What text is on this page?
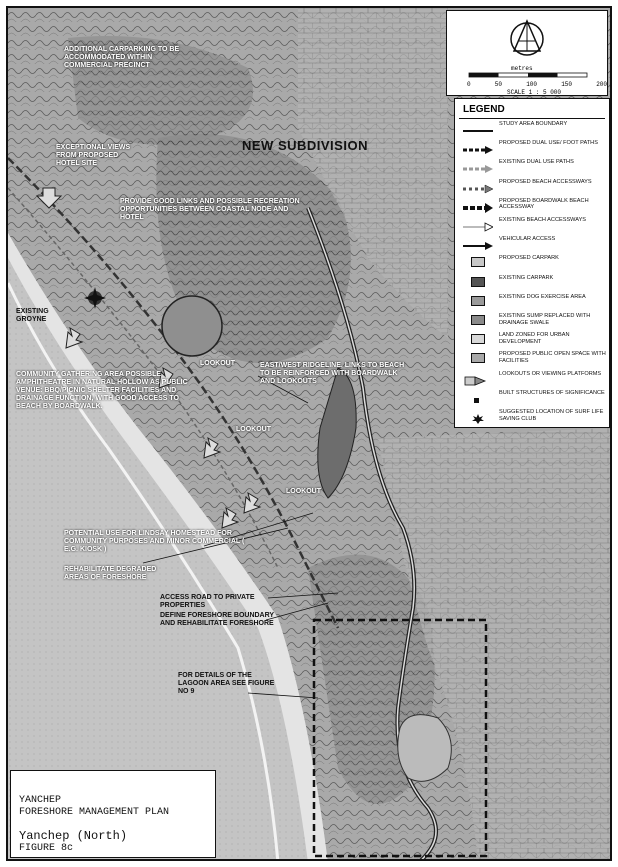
NEW SUBDIVISION
ADDITIONAL CARPARKING TO BE ACCOMMODATED WITHIN COMMERCIAL PRECINCT
EXCEPTIONAL VIEWS FROM PROPOSED HOTEL SITE
PROVIDE GOOD LINKS AND POSSIBLE RECREATION OPPORTUNITIES BETWEEN COASTAL NODE AND HOTEL
EXISTING GROYNE
COMMUNITY GATHERING AREA POSSIBLE AMPHITHEATRE IN NATURAL HOLLOW AS PUBLIC VENUE: BBQ/PICNIC SHELTER FACILITIES AND DRAINAGE FUNCTION, WITH GOOD ACCESS TO BEACH BY BOARDWALK.
EAST/WEST RIDGELINE, LINKS TO BEACH TO BE REINFORCED WITH BOARDWALK AND LOOKOUTS
LOOKOUT
LOOKOUT
LOOKOUT
POTENTIAL USE FOR LINDSAY HOMESTEAD FOR COMMUNITY PURPOSES AND MINOR COMMERCIAL ( E.G. KIOSK )
REHABILITATE DEGRADED AREAS OF FORESHORE
ACCESS ROAD TO PRIVATE PROPERTIES
DEFINE FORESHORE BOUNDARY AND REHABILITATE FORESHORE
FOR DETAILS OF THE LAGOON AREA SEE FIGURE NO 9
metres
0	50	100	150	200
SCALE 1 : 5 000
LEGEND
STUDY AREA BOUNDARY
PROPOSED DUAL USE/ FOOT PATHS
EXISTING DUAL USE PATHS
PROPOSED BEACH ACCESSWAYS
PROPOSED BOARDWALK BEACH ACCESSWAY
EXISTING BEACH ACCESSWAYS
VEHICULAR ACCESS
PROPOSED CARPARK
EXISTING CARPARK
EXISTING DOG EXERCISE AREA
EXISTING SUMP REPLACED WITH DRAINAGE SWALE
LAND ZONED FOR URBAN DEVELOPMENT
PROPOSED PUBLIC OPEN SPACE WITH FACILITIES
LOOKOUTS OR VIEWING PLATFORMS
BUILT STRUCTURES OF SIGNIFICANCE
SUGGESTED LOCATION OF SURF LIFE SAVING CLUB
YANCHEP
FORESHORE MANAGEMENT PLAN
Yanchep (North)
FIGURE 8c
